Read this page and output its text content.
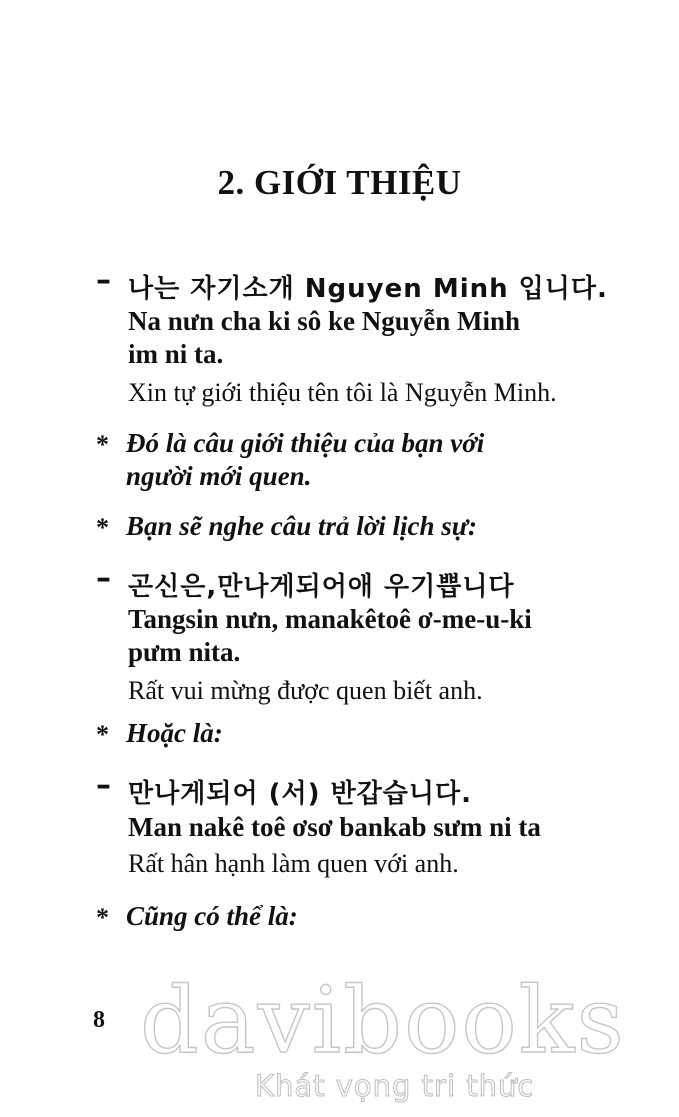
2. GIỚI THIỆU
– 나는 자기소개 Nguyen Minh 입니다.
Na nưn cha ki sô ke Nguyễn Minh
im ni ta.
Xin tự giới thiệu tên tôi là Nguyễn Minh.
* Đó là câu giới thiệu của bạn với
người mới quen.
* Bạn sẽ nghe câu trả lời lịch sự:
– 곤신은,만나게되어애 우기쁩니다
Tangsin nưn, manakêtoê ơ-me-u-ki
pưm nita.
Rất vui mừng được quen biết anh.
* Hoặc là:
– 만나게되어 (서) 반갑습니다.
Man nakê toê ơsơ bankab sưm ni ta
Rất hân hạnh làm quen với anh.
* Cũng có thể là:
8 davibooks
Khát vọng tri thức
